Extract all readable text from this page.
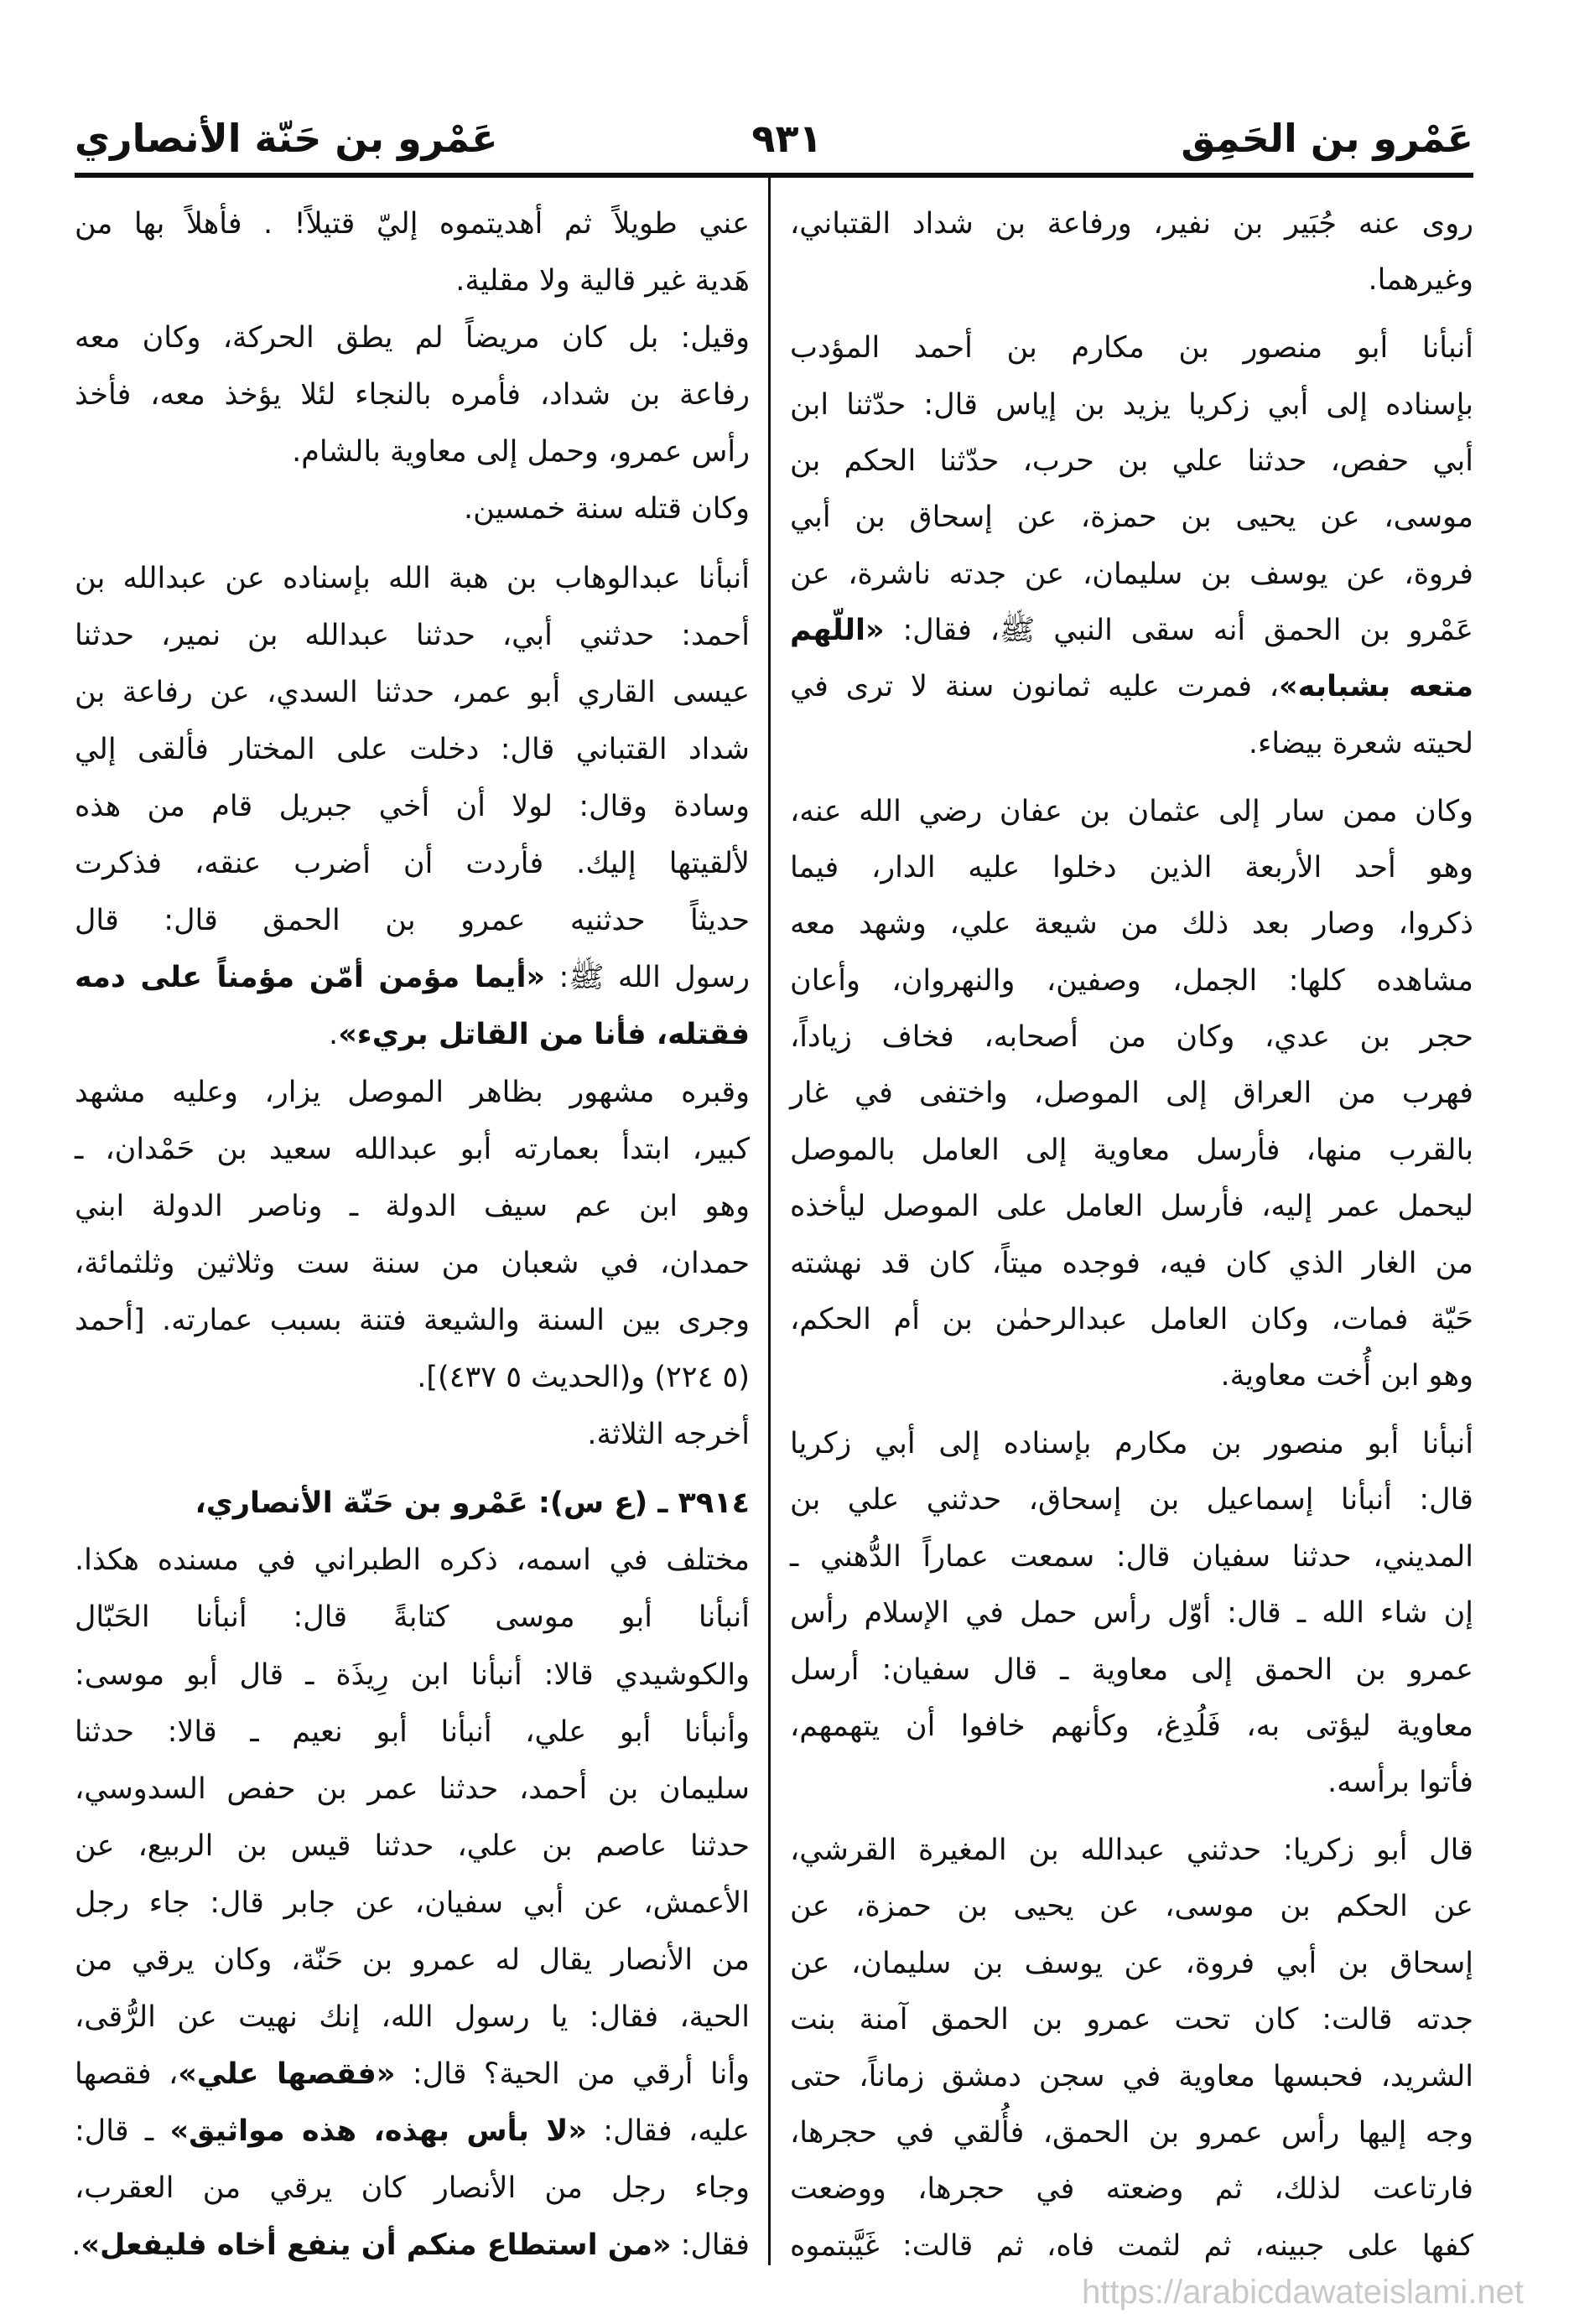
عَمْرو بن الحَمِق
٩٣١
عَمْرو بن حَنّة الأنصاري
روى عنه جُبَير بن نفير، ورفاعة بن شداد القتباني،
وغيرهما.
أنبأنا أبو منصور بن مكارم بن أحمد المؤدب
بإسناده إلى أبي زكريا يزيد بن إياس قال: حدّثنا ابن
أبي حفص، حدثنا علي بن حرب، حدّثنا الحكم بن
موسى، عن يحيى بن حمزة، عن إسحاق بن أبي
فروة، عن يوسف بن سليمان، عن جدته ناشرة، عن
عَمْرو بن الحمق أنه سقى النبي ﷺ، فقال: «اللّهم
متعه بشبابه»، فمرت عليه ثمانون سنة لا ترى في
لحيته شعرة بيضاء.
وكان ممن سار إلى عثمان بن عفان رضي الله عنه،
وهو أحد الأربعة الذين دخلوا عليه الدار، فيما
ذكروا، وصار بعد ذلك من شيعة علي، وشهد معه
مشاهده كلها: الجمل، وصفين، والنهروان، وأعان
حجر بن عدي، وكان من أصحابه، فخاف زياداً،
فهرب من العراق إلى الموصل، واختفى في غار
بالقرب منها، فأرسل معاوية إلى العامل بالموصل
ليحمل عمر إليه، فأرسل العامل على الموصل ليأخذه
من الغار الذي كان فيه، فوجده ميتاً، كان قد نهشته
حَيّة فمات، وكان العامل عبدالرحمٰن بن أم الحكم،
وهو ابن أُخت معاوية.
أنبأنا أبو منصور بن مكارم بإسناده إلى أبي زكريا
قال: أنبأنا إسماعيل بن إسحاق، حدثني علي بن
المديني، حدثنا سفيان قال: سمعت عماراً الدُّهني ـ
إن شاء الله ـ قال: أوّل رأس حمل في الإسلام رأس
عمرو بن الحمق إلى معاوية ـ قال سفيان: أرسل
معاوية ليؤتى به، فَلُدِغ، وكأنهم خافوا أن يتهمهم،
فأتوا برأسه.
قال أبو زكريا: حدثني عبدالله بن المغيرة القرشي،
عن الحكم بن موسى، عن يحيى بن حمزة، عن
إسحاق بن أبي فروة، عن يوسف بن سليمان، عن
جدته قالت: كان تحت عمرو بن الحمق آمنة بنت
الشريد، فحبسها معاوية في سجن دمشق زماناً، حتى
وجه إليها رأس عمرو بن الحمق، فأُلقي في حجرها،
فارتاعت لذلك، ثم وضعته في حجرها، ووضعت
كفها على جبينه، ثم لثمت فاه، ثم قالت: غَيَّبتموه
عني طويلاً ثم أهديتموه إليّ قتيلاً! . فأهلاً بها من
هَدية غير قالية ولا مقلية.
وقيل: بل كان مريضاً لم يطق الحركة، وكان معه
رفاعة بن شداد، فأمره بالنجاء لئلا يؤخذ معه، فأخذ
رأس عمرو، وحمل إلى معاوية بالشام.
وكان قتله سنة خمسين.
أنبأنا عبدالوهاب بن هبة الله بإسناده عن عبدالله بن
أحمد: حدثني أبي، حدثنا عبدالله بن نمير، حدثنا
عيسى القاري أبو عمر، حدثنا السدي، عن رفاعة بن
شداد القتباني قال: دخلت على المختار فألقى إلي
وسادة وقال: لولا أن أخي جبريل قام من هذه
لألقيتها إليك. فأردت أن أضرب عنقه، فذكرت
حديثاً حدثنيه عمرو بن الحمق قال: قال
رسول الله ﷺ: «أيما مؤمن أمّن مؤمناً على دمه
فقتله، فأنا من القاتل بريء».
وقبره مشهور بظاهر الموصل يزار، وعليه مشهد
كبير، ابتدأ بعمارته أبو عبدالله سعيد بن حَمْدان، ـ
وهو ابن عم سيف الدولة ـ وناصر الدولة ابني
حمدان، في شعبان من سنة ست وثلاثين وثلثمائة،
وجرى بين السنة والشيعة فتنة بسبب عمارته. [أحمد
(٥ ٢٢٤) و(الحديث ٥ ٤٣٧)].
أخرجه الثلاثة.
٣٩١٤ ـ (ع س): عَمْرو بن حَنّة الأنصاري،
مختلف في اسمه، ذكره الطبراني في مسنده هكذا.
أنبأنا أبو موسى كتابةً قال: أنبأنا الحَبّال
والكوشيدي قالا: أنبأنا ابن رِيذَة ـ قال أبو موسى:
وأنبأنا أبو علي، أنبأنا أبو نعيم ـ قالا: حدثنا
سليمان بن أحمد، حدثنا عمر بن حفص السدوسي،
حدثنا عاصم بن علي، حدثنا قيس بن الربيع، عن
الأعمش، عن أبي سفيان، عن جابر قال: جاء رجل
من الأنصار يقال له عمرو بن حَنّة، وكان يرقي من
الحية، فقال: يا رسول الله، إنك نهيت عن الرُّقى،
وأنا أرقي من الحية؟ قال: «فقصها علي»، فقصها
عليه، فقال: «لا بأس بهذه، هذه مواثيق» ـ قال:
وجاء رجل من الأنصار كان يرقي من العقرب،
فقال: «من استطاع منكم أن ينفع أخاه فليفعل».
https://arabicdawateislami.net
